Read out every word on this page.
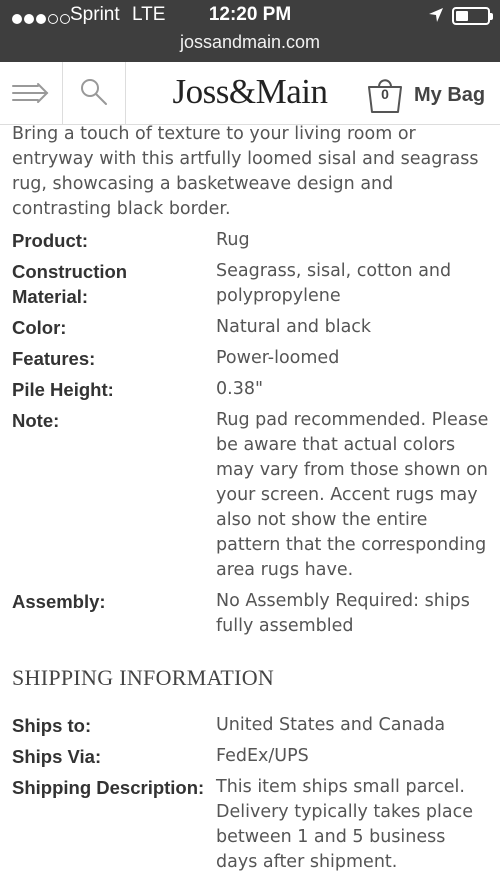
Sprint LTE	12:20 PM
jossandmain.com
Joss&Main	0 My Bag

Bring a touch of texture to your living room or entryway with this artfully loomed sisal and seagrass rug, showcasing a basketweave design and contrasting black border.

Product:	Rug
Construction Material:
Seagrass, sisal, cotton and polypropylene
Color:	Natural and black
Features:	Power-loomed
Pile Height:	0.38"
Note:	Rug pad recommended. Please be aware that actual colors may vary from those shown on your screen. Accent rugs may also not show the entire pattern that the corresponding area rugs have.
Assembly:	No Assembly Required: ships fully assembled
SHIPPING INFORMATION
Ships to:	United States and Canada
Ships Via:	FedEx/UPS
Shipping Description: This item ships small parcel. Delivery typically takes place between 1 and 5 business days after shipment.
